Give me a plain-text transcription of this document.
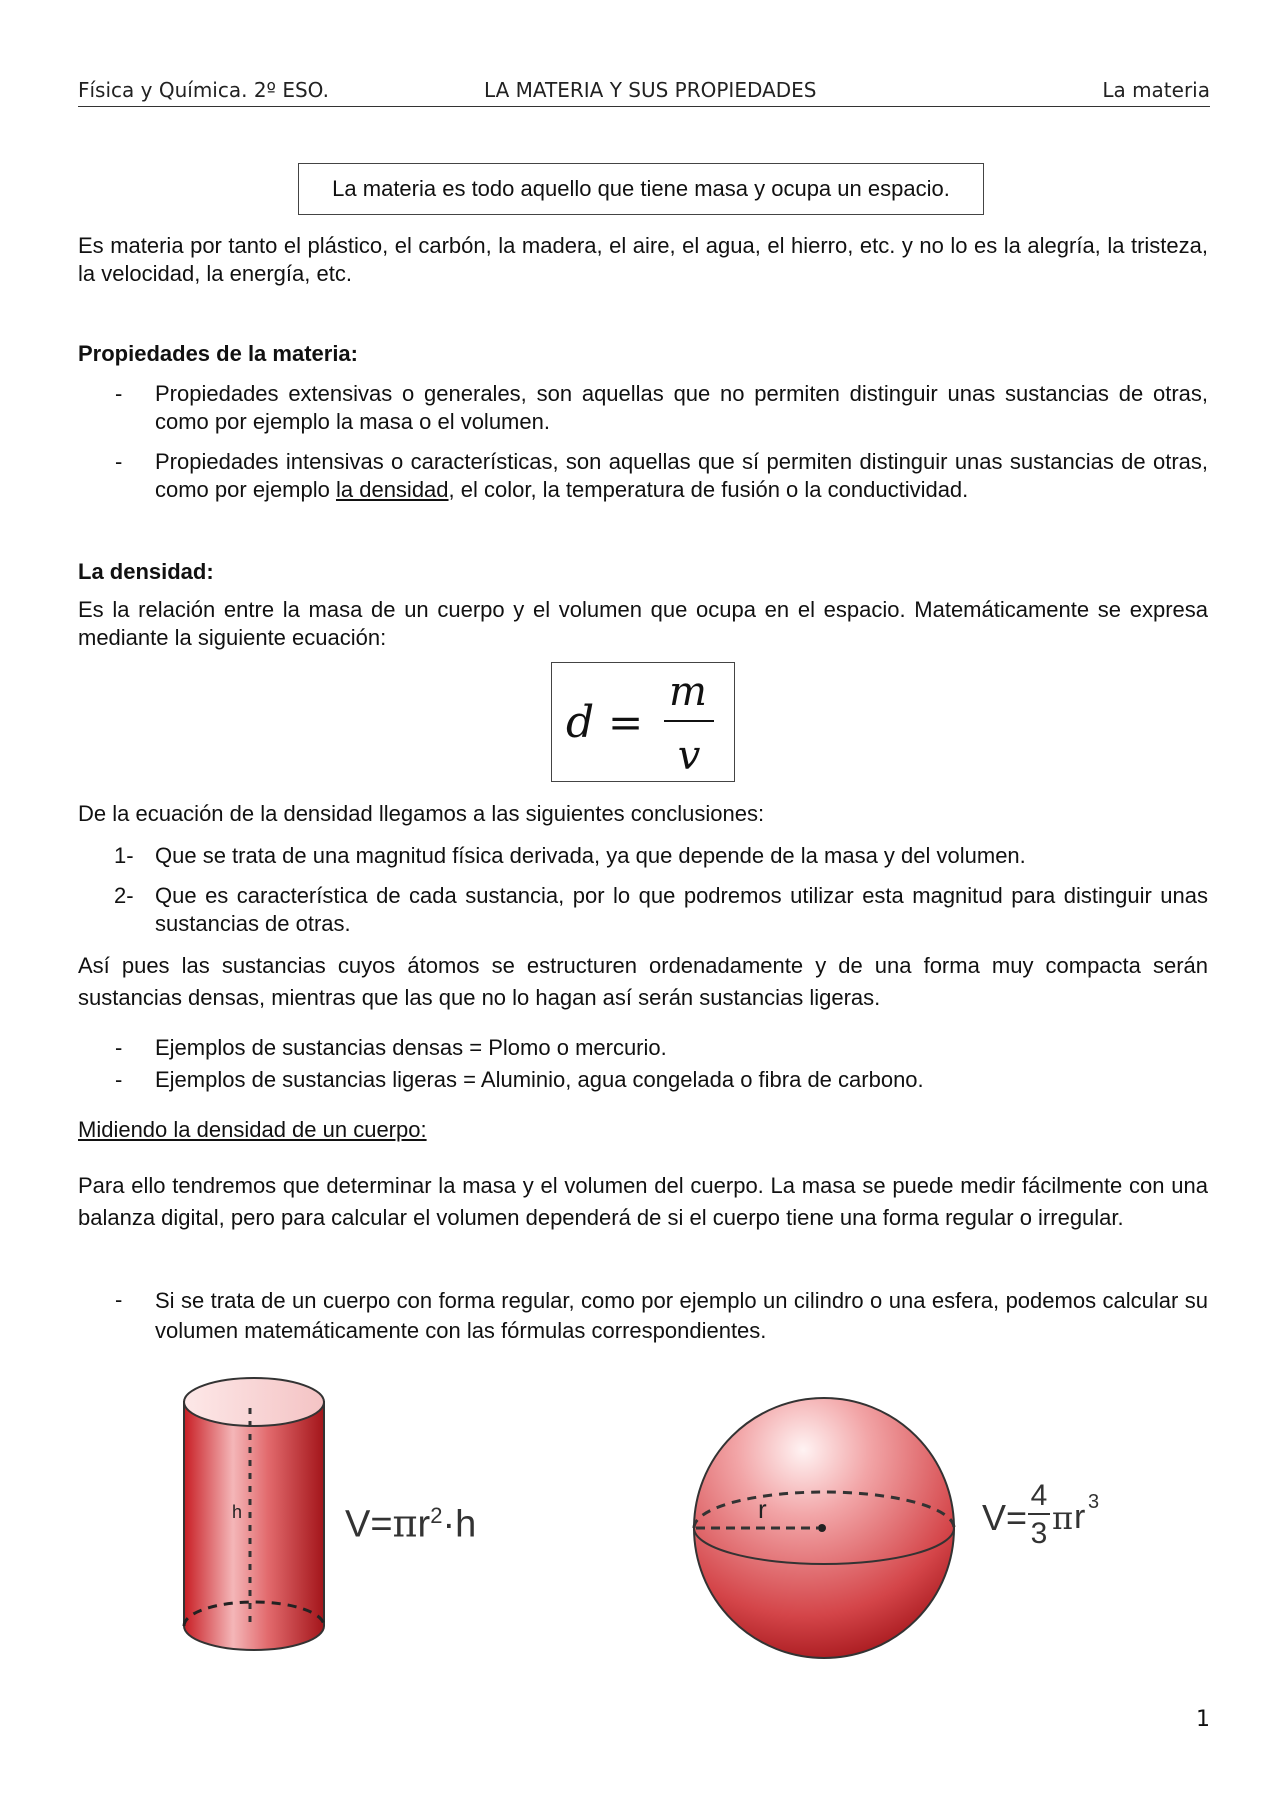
Física y Química. 2º ESO.	LA MATERIA Y SUS PROPIEDADES	La materia
La materia es todo aquello que tiene masa y ocupa un espacio.
Es materia por tanto el plástico, el carbón, la madera, el aire, el agua, el hierro, etc. y no lo es la alegría, la tristeza, la velocidad, la energía, etc.
Propiedades de la materia:
-	Propiedades extensivas o generales, son aquellas que no permiten distinguir unas sustancias de otras, como por ejemplo la masa o el volumen.
-	Propiedades intensivas o características, son aquellas que sí permiten distinguir unas sustancias de otras, como por ejemplo la densidad, el color, la temperatura de fusión o la conductividad.
La densidad:
Es la relación entre la masa de un cuerpo y el volumen que ocupa en el espacio. Matemáticamente se expresa mediante la siguiente ecuación:
d =
m
v
De la ecuación de la densidad llegamos a las siguientes conclusiones:
1- Que se trata de una magnitud física derivada, ya que depende de la masa y del volumen.
2- Que es característica de cada sustancia, por lo que podremos utilizar esta magnitud para distinguir unas sustancias de otras.
Así pues las sustancias cuyos átomos se estructuren ordenadamente y de una forma muy compacta serán sustancias densas, mientras que las que no lo hagan así serán sustancias ligeras.
-	Ejemplos de sustancias densas = Plomo o mercurio.
-	Ejemplos de sustancias ligeras = Aluminio, agua congelada o fibra de carbono.
Midiendo la densidad de un cuerpo:
Para ello tendremos que determinar la masa y el volumen del cuerpo. La masa se puede medir fácilmente con una balanza digital, pero para calcular el volumen dependerá de si el cuerpo tiene una forma regular o irregular.
-	Si se trata de un cuerpo con forma regular, como por ejemplo un cilindro o una esfera, podemos calcular su volumen matemáticamente con las fórmulas correspondientes.
h	$V=\pi r^2\cdot h$	r	V=
4
3 π r 3
1
